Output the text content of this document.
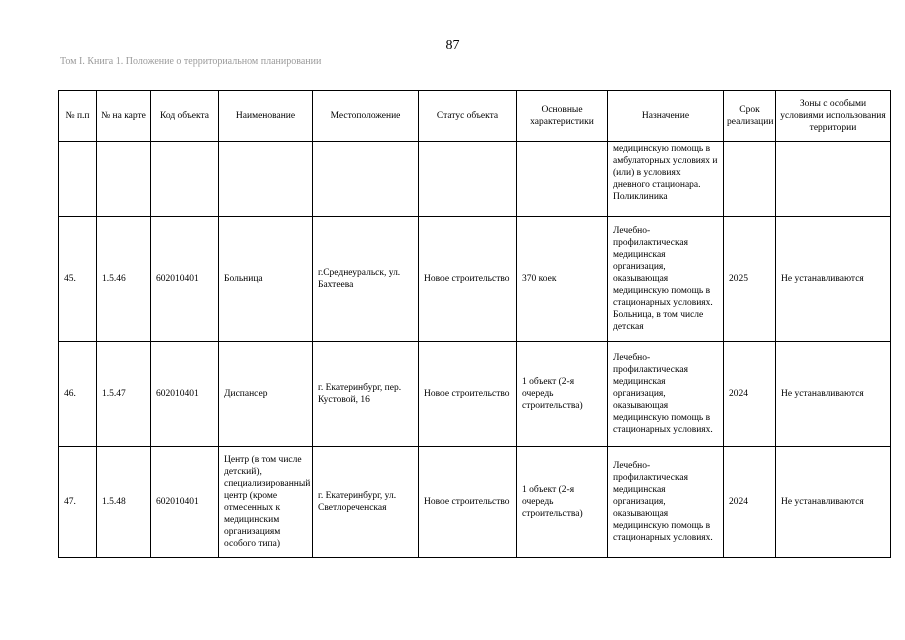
87
Том I. Книга 1. Положение о территориальном планировании
№ п.п	№ на карте	Код объекта	Наименование	Местоположение	Статус объекта	Основные характеристики	Назначение	Срок реализации	Зоны с особыми условиями использования территории
							медицинскую помощь в амбулаторных условиях и (или) в условиях дневного стационара. Поликлиника		
45.	1.5.46	602010401	Больница	г.Среднеуральск, ул. Бахтеева	Новое строительство	370 коек	Лечебно-профилактическая медицинская организация, оказывающая медицинскую помощь в стационарных условиях. Больница, в том числе детская	2025	Не устанавливаются
46.	1.5.47	602010401	Диспансер	г. Екатеринбург, пер. Кустовой, 16	Новое строительство	1 объект (2-я очередь строительства)	Лечебно-профилактическая медицинская организация, оказывающая медицинскую помощь в стационарных условиях.	2024	Не устанавливаются
47.	1.5.48	602010401	Центр (в том числе детский), специализированный центр (кроме отмесенных к медицинским организациям особого типа)	г. Екатеринбург, ул. Светлореченская	Новое строительство	1 объект (2-я очередь строительства)	Лечебно-профилактическая медицинская организация, оказывающая медицинскую помощь в стационарных условиях.	2024	Не устанавливаются
